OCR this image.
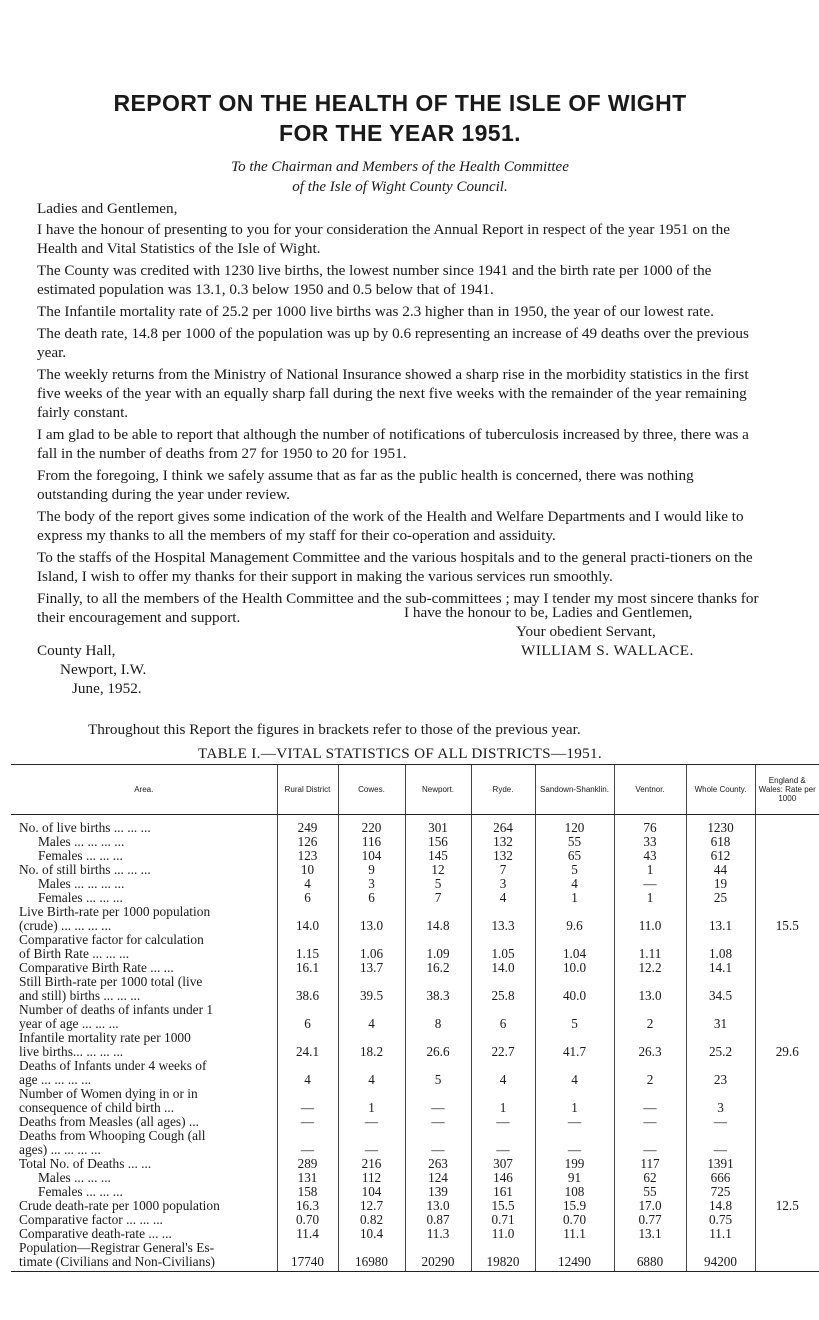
REPORT ON THE HEALTH OF THE ISLE OF WIGHT
FOR THE YEAR 1951.
To the Chairman and Members of the Health Committee
of the Isle of Wight County Council.
Ladies and Gentlemen,

I have the honour of presenting to you for your consideration the Annual Report in respect of the year 1951 on the Health and Vital Statistics of the Isle of Wight.

The County was credited with 1230 live births, the lowest number since 1941 and the birth rate per 1000 of the estimated population was 13.1, 0.3 below 1950 and 0.5 below that of 1941.

The Infantile mortality rate of 25.2 per 1000 live births was 2.3 higher than in 1950, the year of our lowest rate.

The death rate, 14.8 per 1000 of the population was up by 0.6 representing an increase of 49 deaths over the previous year.

The weekly returns from the Ministry of National Insurance showed a sharp rise in the morbidity statistics in the first five weeks of the year with an equally sharp fall during the next five weeks with the remainder of the year remaining fairly constant.

I am glad to be able to report that although the number of notifications of tuberculosis increased by three, there was a fall in the number of deaths from 27 for 1950 to 20 for 1951.

From the foregoing, I think we safely assume that as far as the public health is concerned, there was nothing outstanding during the year under review.

The body of the report gives some indication of the work of the Health and Welfare Departments and I would like to express my thanks to all the members of my staff for their co-operation and assiduity.

To the staffs of the Hospital Management Committee and the various hospitals and to the general practi-tioners on the Island, I wish to offer my thanks for their support in making the various services run smoothly.

Finally, to all the members of the Health Committee and the sub-committees ; may I tender my most sincere thanks for their encouragement and support.	I have the honour to be, Ladies and Gentlemen,
Your obedient Servant,
WILLIAM S. WALLACE.
County Hall,
Newport, I.W.
June, 1952.
Throughout this Report the figures in brackets refer to those of the previous year.
TABLE I.—VITAL STATISTICS OF ALL DISTRICTS—1951.
Area.	Rural District	Cowes.	Newport.	Ryde.	Sandown-Shanklin.	Ventnor.	Whole County.	England & Wales: Rate per 1000

No. of live births ... ... ...	249	220	301	264	120	76	1230	

Males ... ... ... ...	126	116	156	132	55	33	618	

Females ... ... ...	123	104	145	132	65	43	612	

No. of still births ... ... ...	10	9	12	7	5	1	44	

Males ... ... ... ...	4	3	5	3	4	—	19	

Females ... ... ...	6	6	7	4	1	1	25	

Live Birth-rate per 1000 population
(crude) ... ... ... ...	14.0	13.0	14.8	13.3	9.6	11.0	13.1	15.5

Comparative factor for calculation
of Birth Rate ... ... ...	1.15	1.06	1.09	1.05	1.04	1.11	1.08	

Comparative Birth Rate ... ...	16.1	13.7	16.2	14.0	10.0	12.2	14.1	

Still Birth-rate per 1000 total (live
and still) births ... ... ...	38.6	39.5	38.3	25.8	40.0	13.0	34.5	

Number of deaths of infants under 1
year of age ... ... ...	6	4	8	6	5	2	31	

Infantile mortality rate per 1000
live births... ... ... ...	24.1	18.2	26.6	22.7	41.7	26.3	25.2	29.6

Deaths of Infants under 4 weeks of
age ... ... ... ...	4	4	5	4	4	2	23	

Number of Women dying in or in
consequence of child birth ...	—	1	—	1	1	—	3	

Deaths from Measles (all ages) ...	—	—	—	—	—	—	—	

Deaths from Whooping Cough (all
ages) ... ... ... ...	—	—	—	—	—	—	—	

Total No. of Deaths ... ...	289	216	263	307	199	117	1391	

Males ... ... ...	131	112	124	146	91	62	666	

Females ... ... ...	158	104	139	161	108	55	725	

Crude death-rate per 1000 population	16.3	12.7	13.0	15.5	15.9	17.0	14.8	12.5

Comparative factor ... ... ...	0.70	0.82	0.87	0.71	0.70	0.77	0.75	

Comparative death-rate ... ...	11.4	10.4	11.3	11.0	11.1	13.1	11.1	

Population—Registrar General's Es-
timate (Civilians and Non-Civilians)	17740	16980	20290	19820	12490	6880	94200	
